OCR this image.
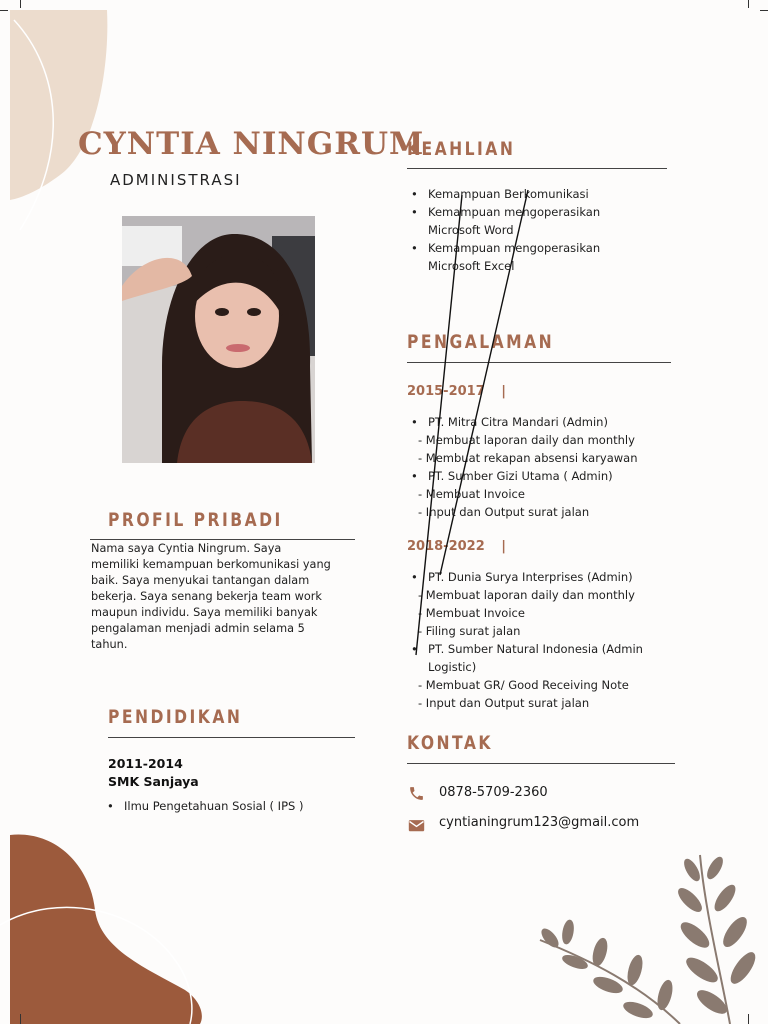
CYNTIA NINGRUM
ADMINISTRASI
PROFIL PRIBADI
Nama saya Cyntia Ningrum. Saya memiliki kemampuan berkomunikasi yang baik. Saya menyukai tantangan dalam bekerja. Saya senang bekerja team work maupun individu. Saya memiliki banyak pengalaman menjadi admin selama 5 tahun.
PENDIDIKAN
2011-2014
SMK Sanjaya
• Ilmu Pengetahuan Sosial ( IPS )
KEAHLIAN
• Kemampuan Berkomunikasi
• Kemampuan mengoperasikan Microsoft Word
• Kemampuan mengoperasikan Microsoft Excel
PENGALAMAN
2015-2017 |
• PT. Mitra Citra Mandari (Admin)
- Membuat laporan daily dan monthly
- Membuat rekapan absensi karyawan
• PT. Sumber Gizi Utama ( Admin)
- Membuat Invoice
- Input dan Output surat jalan
2018-2022 |
• PT. Dunia Surya Interprises (Admin)
- Membuat laporan daily dan monthly
- Membuat Invoice
- Filing surat jalan
• PT. Sumber Natural Indonesia (Admin Logistic)
- Membuat GR/ Good Receiving Note
- Input dan Output surat jalan
KONTAK
0878-5709-2360
cyntianingrum123@gmail.com
